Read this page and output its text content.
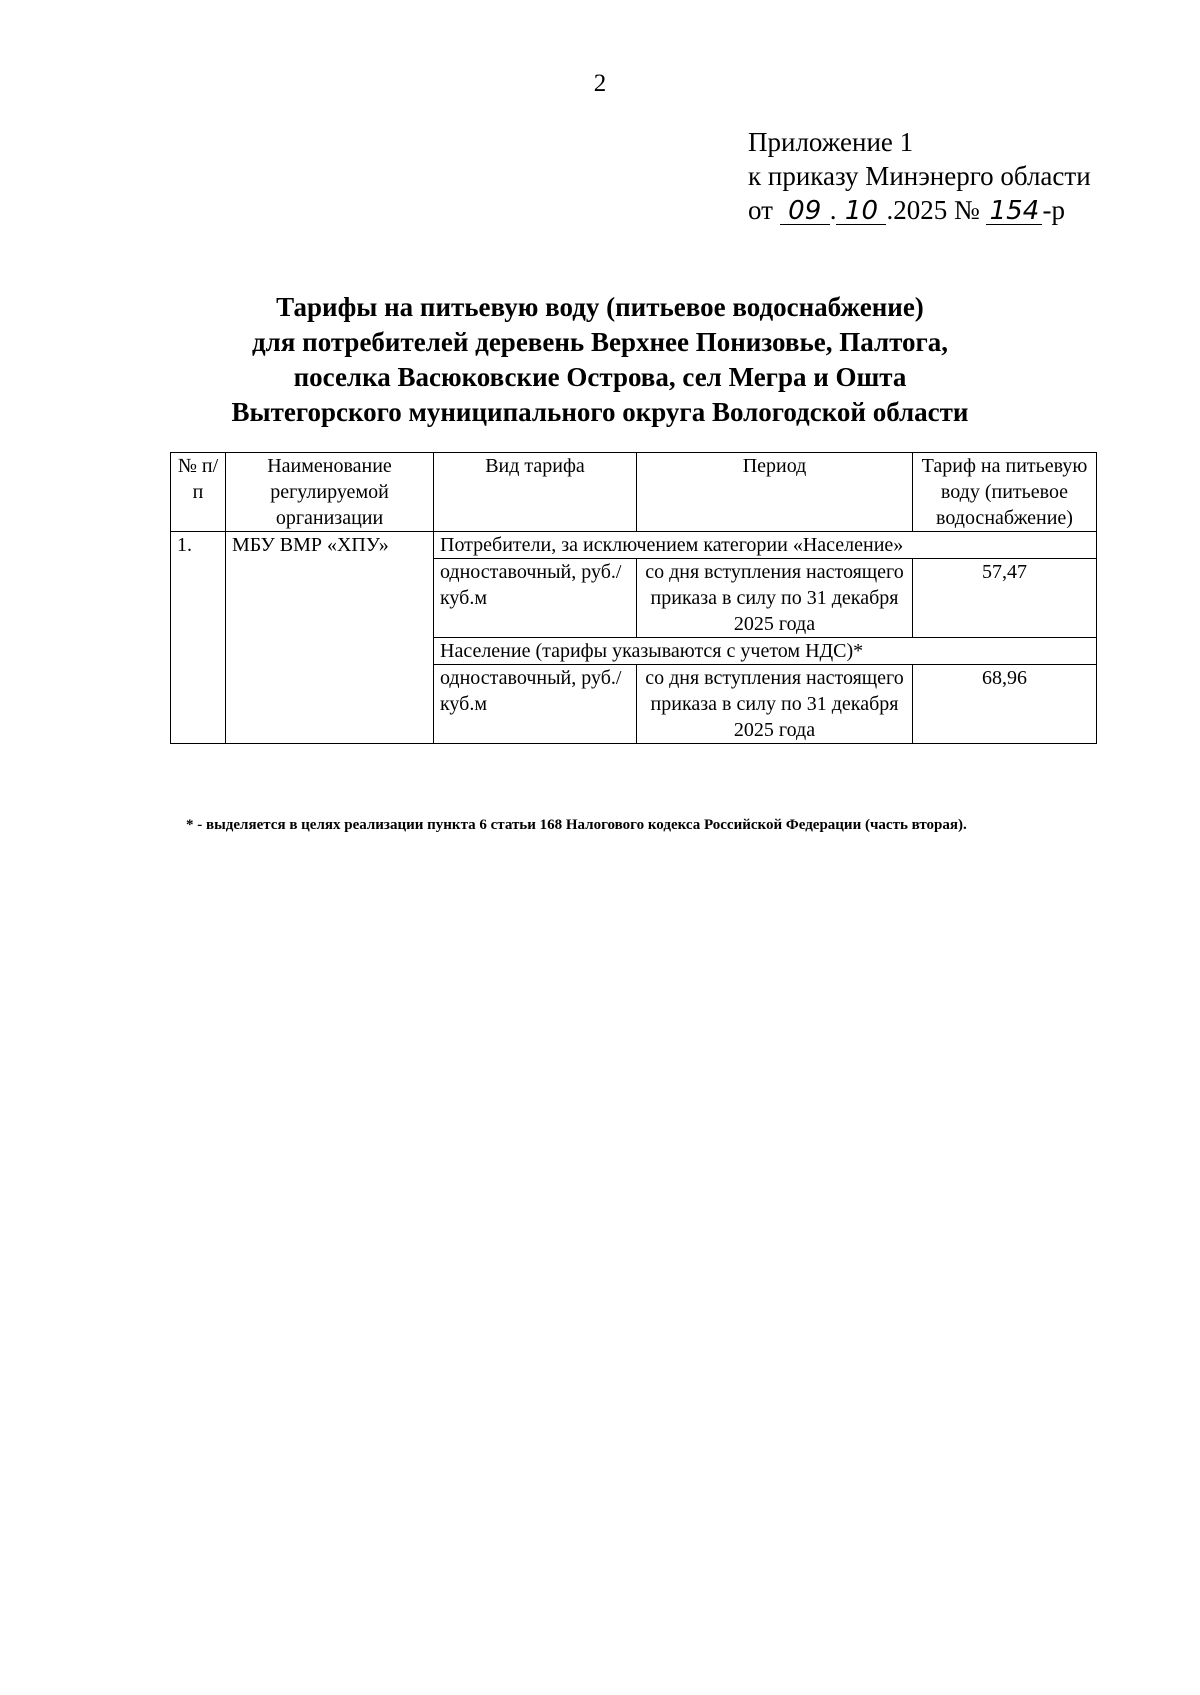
2
Приложение 1
к приказу Минэнерго области
от 09 . 10 .2025 № 154 -р
Тарифы на питьевую воду (питьевое водоснабжение)
для потребителей деревень Верхнее Понизовье, Палтога,
поселка Васюковские Острова, сел Мегра и Ошта
Вытегорского муниципального округа Вологодской области
№ п/п	Наименование регулируемой организации	Вид тарифа	Период	Тариф на питьевую воду (питьевое водоснабжение)
1.	МБУ ВМР «ХПУ»	Потребители, за исключением категории «Население»		
		одноставочный, руб./куб.м	со дня вступления настоящего приказа в силу по 31 декабря 2025 года	57,47
		Население (тарифы указываются с учетом НДС)*		
		одноставочный, руб./куб.м	со дня вступления настоящего приказа в силу по 31 декабря 2025 года	68,96
* - выделяется в целях реализации пункта 6 статьи 168 Налогового кодекса Российской Федерации (часть вторая).
